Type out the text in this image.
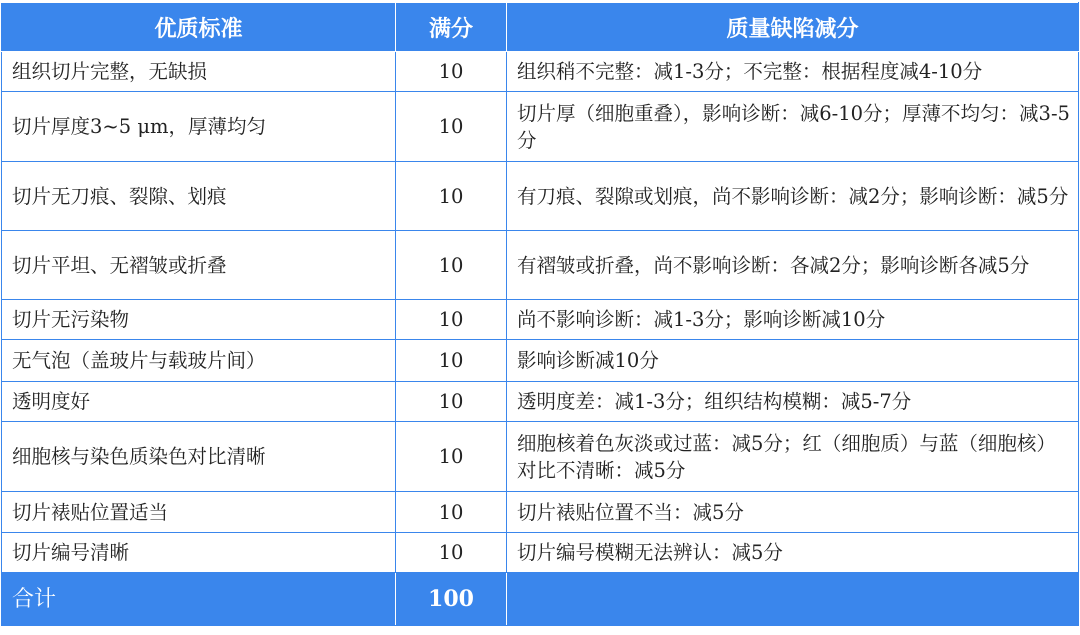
优质标准	满分	质量缺陷减分
组织切片完整，无缺损	10	组织稍不完整：减1-3分；不完整：根据程度减4-10分
切片厚度3~5 μm，厚薄均匀	10	切片厚（细胞重叠），影响诊断：减6-10分；厚薄不均匀：减3-5分
切片无刀痕、裂隙、划痕	10	有刀痕、裂隙或划痕，尚不影响诊断：减2分；影响诊断：减5分
切片平坦、无褶皱或折叠	10	有褶皱或折叠，尚不影响诊断：各减2分；影响诊断各减5分
切片无污染物	10	尚不影响诊断：减1-3分；影响诊断减10分
无气泡（盖玻片与载玻片间）	10	影响诊断减10分
透明度好	10	透明度差：减1-3分；组织结构模糊：减5-7分
细胞核与染色质染色对比清晰	10	细胞核着色灰淡或过蓝：减5分；红（细胞质）与蓝（细胞核）对比不清晰：减5分
切片裱贴位置适当	10	切片裱贴位置不当：减5分
切片编号清晰	10	切片编号模糊无法辨认：减5分
合计	100	
